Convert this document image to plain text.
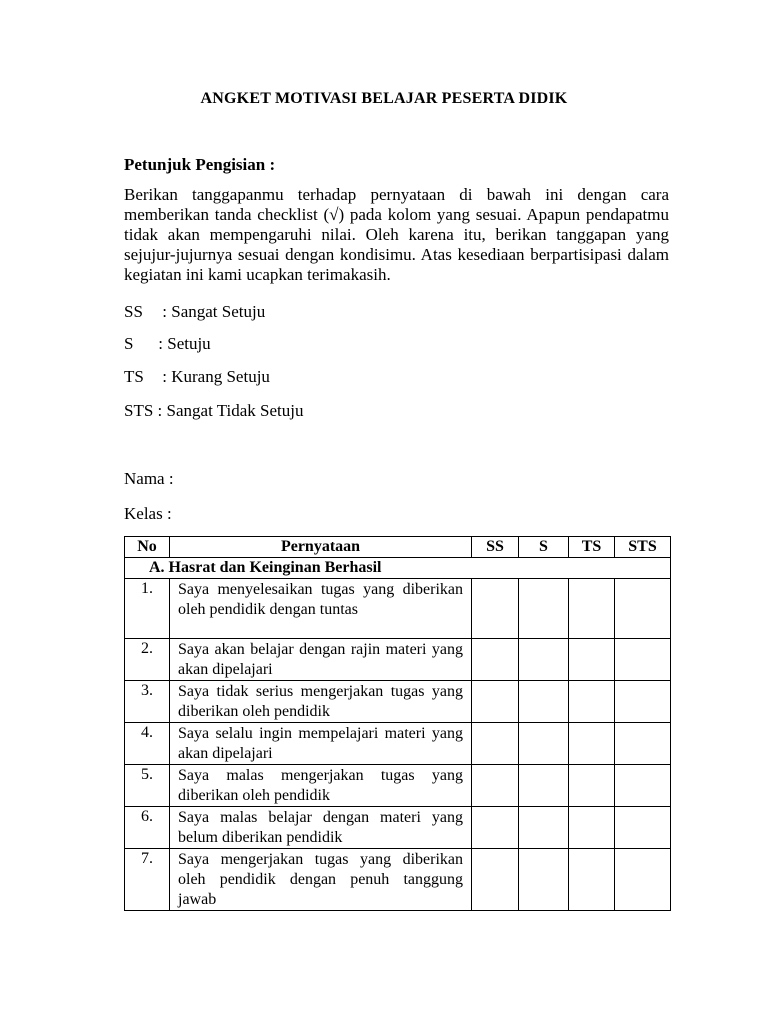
ANGKET MOTIVASI BELAJAR PESERTA DIDIK
Petunjuk Pengisian :
Berikan tanggapanmu terhadap pernyataan di bawah ini dengan cara memberikan tanda checklist (√) pada kolom yang sesuai. Apapun pendapatmu tidak akan mempengaruhi nilai. Oleh karena itu, berikan tanggapan yang sejujur-jujurnya sesuai dengan kondisimu. Atas kesediaan berpartisipasi dalam kegiatan ini kami ucapkan terimakasih.
SS : Sangat Setuju
S : Setuju
TS : Kurang Setuju
STS : Sangat Tidak Setuju
Nama :
Kelas :
No	Pernyataan	SS	S	TS	STS
A. Hasrat dan Keinginan Berhasil					
1.	Saya menyelesaikan tugas yang diberikan oleh pendidik dengan tuntas				
2.	Saya akan belajar dengan rajin materi yang akan dipelajari				
3.	Saya tidak serius mengerjakan tugas yang diberikan oleh pendidik				
4.	Saya selalu ingin mempelajari materi yang akan dipelajari				
5.	Saya malas mengerjakan tugas yang diberikan oleh pendidik				
6.	Saya malas belajar dengan materi yang belum diberikan pendidik				
7.	Saya mengerjakan tugas yang diberikan oleh pendidik dengan penuh tanggung jawab				
